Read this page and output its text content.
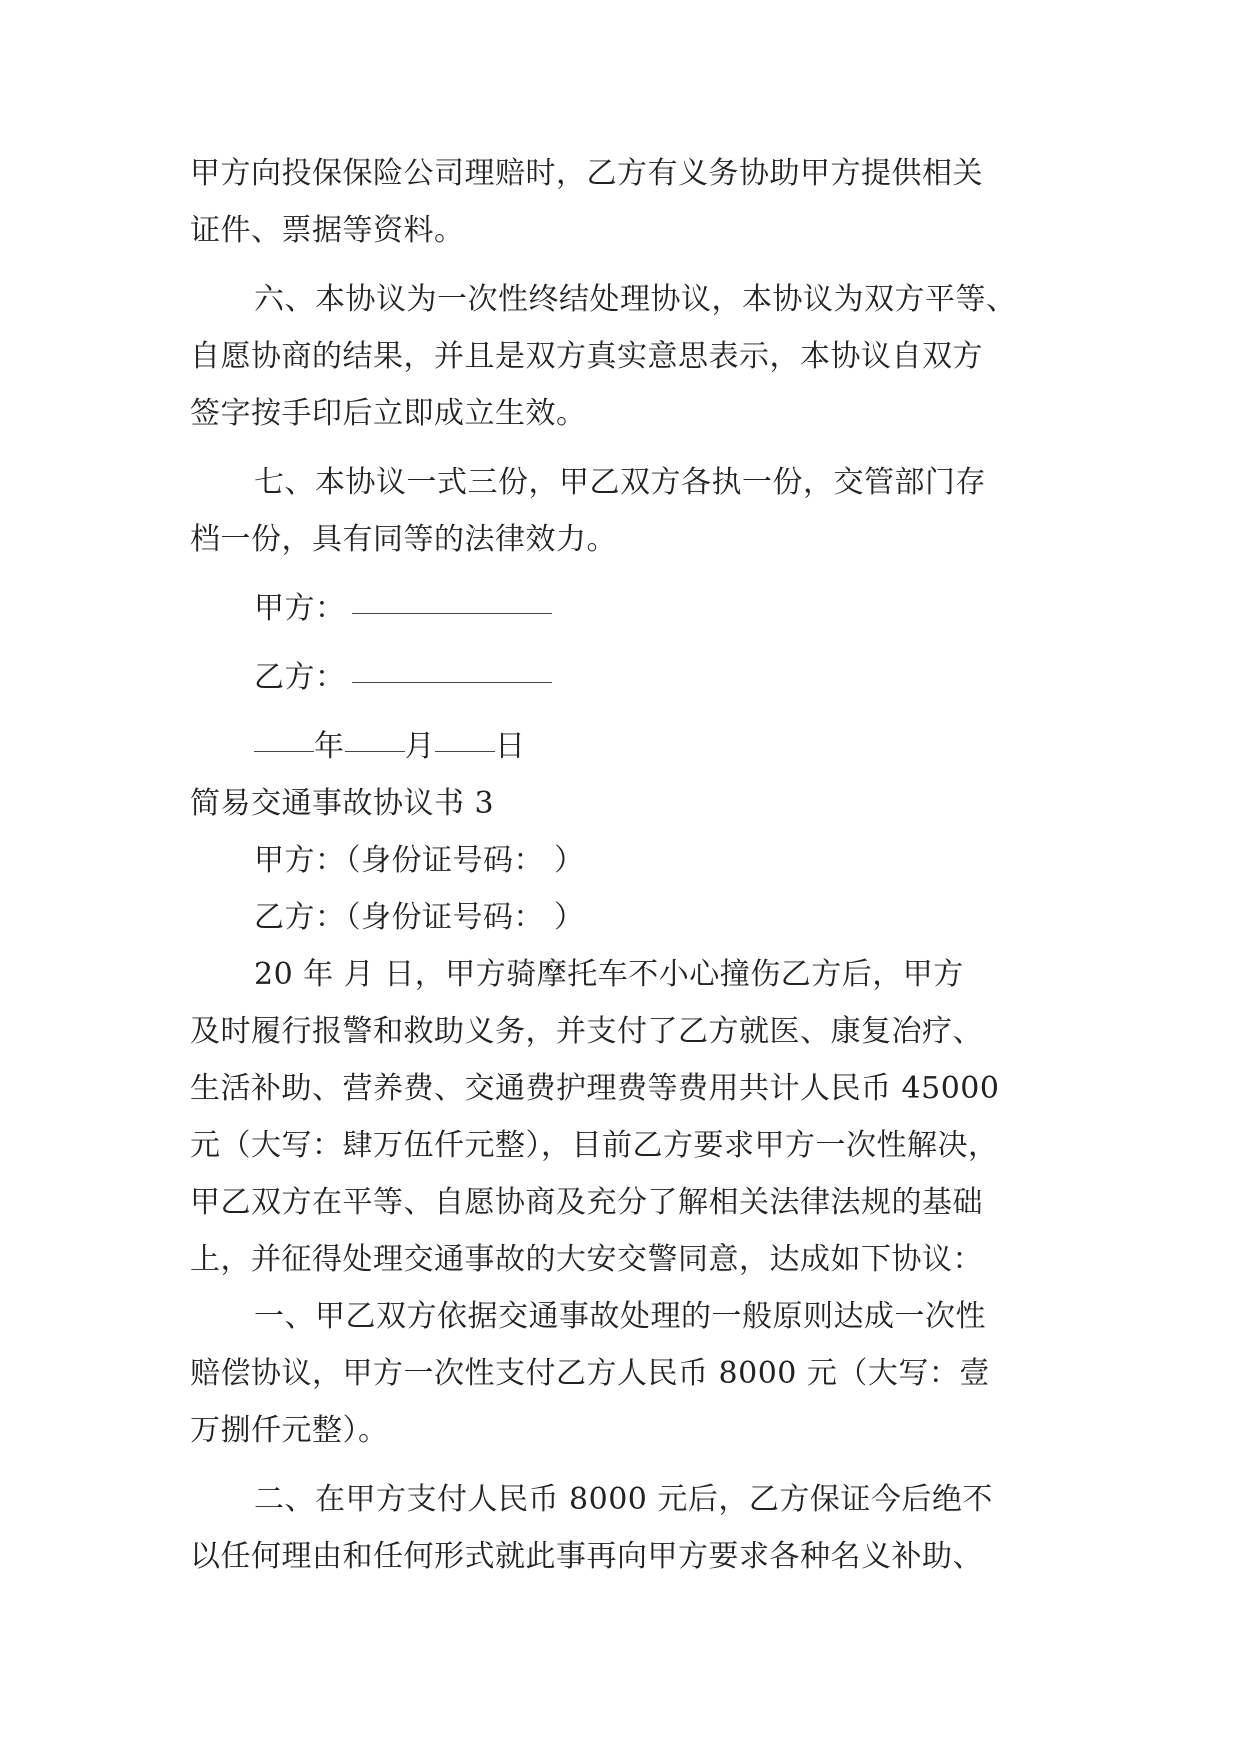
甲方向投保保险公司理赔时，乙方有义务协助甲方提供相关
证件、票据等资料。
六、本协议为一次性终结处理协议，本协议为双方平等、
自愿协商的结果，并且是双方真实意思表示，本协议自双方
签字按手印后立即成立生效。
七、本协议一式三份，甲乙双方各执一份，交管部门存
档一份，具有同等的法律效力。
甲方：
乙方：
年 月 日
简易交通事故协议书 3
甲方：（身份证号码： ）
乙方：（身份证号码： ）
20 年 月 日，甲方骑摩托车不小心撞伤乙方后，甲方
及时履行报警和救助义务，并支付了乙方就医、康复冶疗、
生活补助、营养费、交通费护理费等费用共计人民币 45000
元（大写：肆万伍仟元整），目前乙方要求甲方一次性解决，
甲乙双方在平等、自愿协商及充分了解相关法律法规的基础
上，并征得处理交通事故的大安交警同意，达成如下协议：
一、甲乙双方依据交通事故处理的一般原则达成一次性
赔偿协议，甲方一次性支付乙方人民币 8000 元（大写：壹
万捌仟元整）。
二、在甲方支付人民币 8000 元后，乙方保证今后绝不
以任何理由和任何形式就此事再向甲方要求各种名义补助、
